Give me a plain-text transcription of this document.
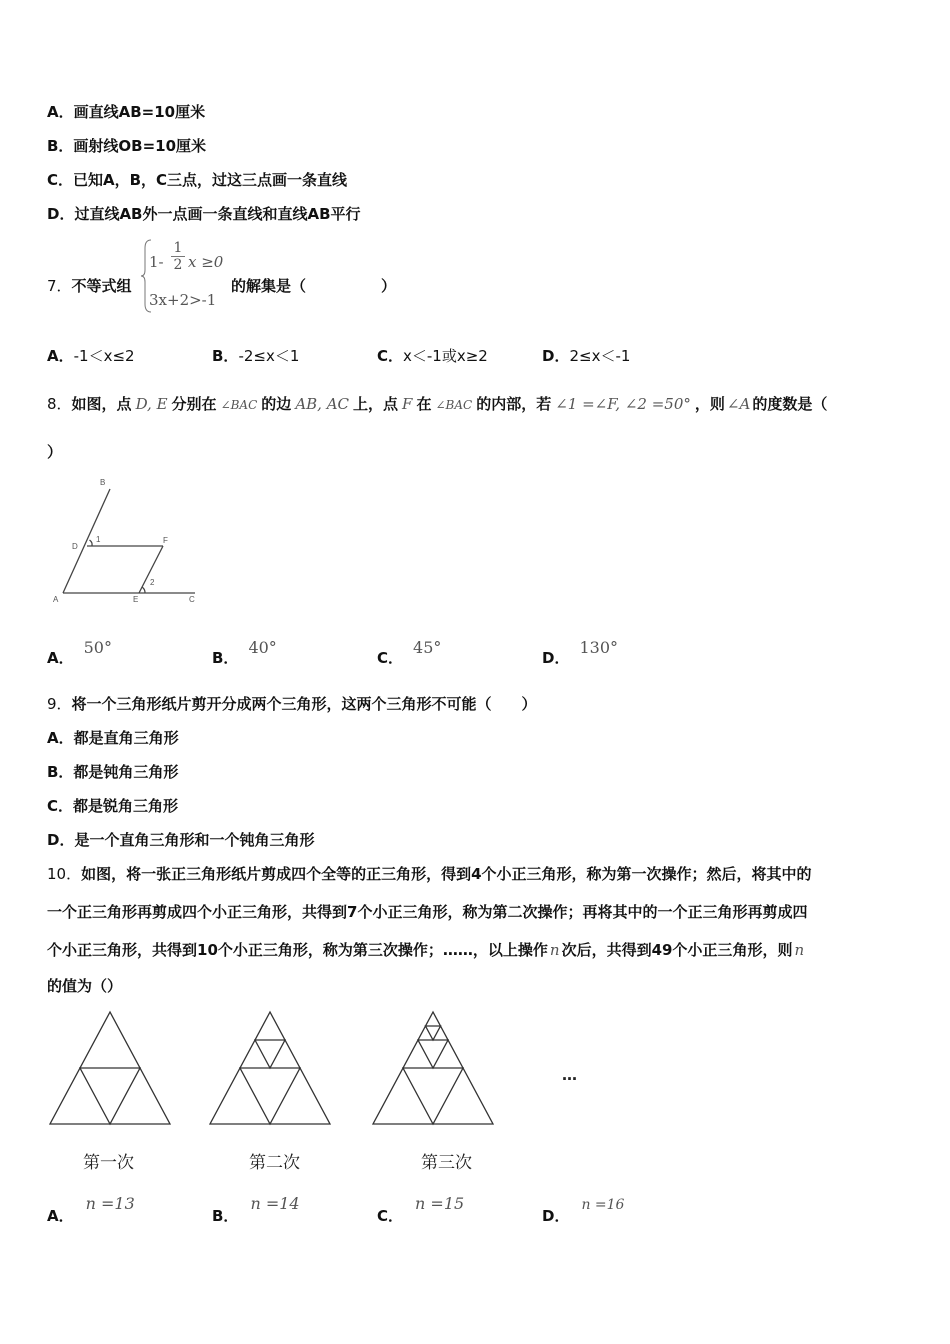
A．画直线AB=10厘米
B．画射线OB=10厘米
C．已知A，B，C三点，过这三点画一条直线
D．过直线AB外一点画一条直线和直线AB平行
7．不等式组
$1- \frac{1}{2}$ x ≥0
3x+2>-1
的解集是（　　　　　）
A．-1＜x≤2	B．-2≤x＜1	C．x＜-1或x≥2	D．2≤x＜-1
8．如图，点 D, E 分别在 ∠BAC 的边 AB, AC 上，点 F 在 ∠BAC 的内部，若 ∠1 =∠F, ∠2 =50° ，则 ∠A 的度数是（
）
B
D
F
A	E	C
1
2
A．50°
B．40°
C．45°
D．130°
9．将一个三角形纸片剪开分成两个三角形，这两个三角形不可能（　　）
A．都是直角三角形
B．都是钝角三角形
C．都是锐角三角形
D．是一个直角三角形和一个钝角三角形
10．如图，将一张正三角形纸片剪成四个全等的正三角形，得到4个小正三角形，称为第一次操作；然后，将其中的
一个正三角形再剪成四个小正三角形，共得到7个小正三角形，称为第二次操作；再将其中的一个正三角形再剪成四
个小正三角形，共得到10个小正三角形，称为第三次操作；……，以上操作 n 次后，共得到49个小正三角形，则 n
的值为（）
第一次	第二次	第三次
…
A．n =13
B．n =14
C．n =15
D．n =16
